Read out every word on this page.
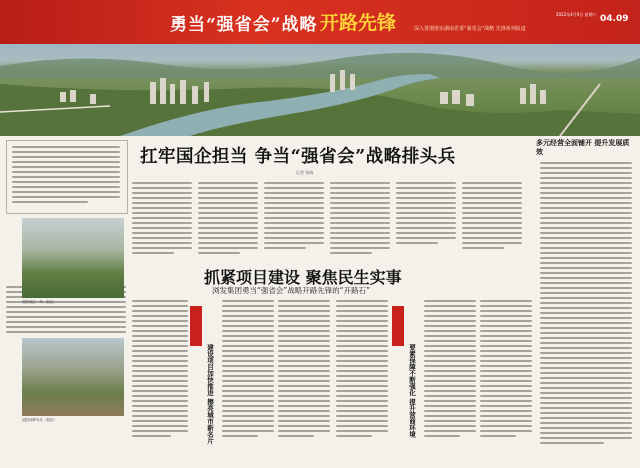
勇当“强省会”战略 开路先锋	深入贯彻落实湖南省委“强省会”战略 先锋系列报道
2022年4月9日 星期六 04.09
浏阳城区一角（航拍）
浏阳河畔风光（航拍）
扛牢国企担当 争当“强省会”战略排头兵
记者 张晓
抓紧项目建设 聚焦民生实事
浏发集团勇当“强省会”战略开路先锋的“开路石”
建设项目加快推进 擦亮城市新名片	要素保障不断强化 提升营商环境
多元经营全面铺开 提升发展质效
